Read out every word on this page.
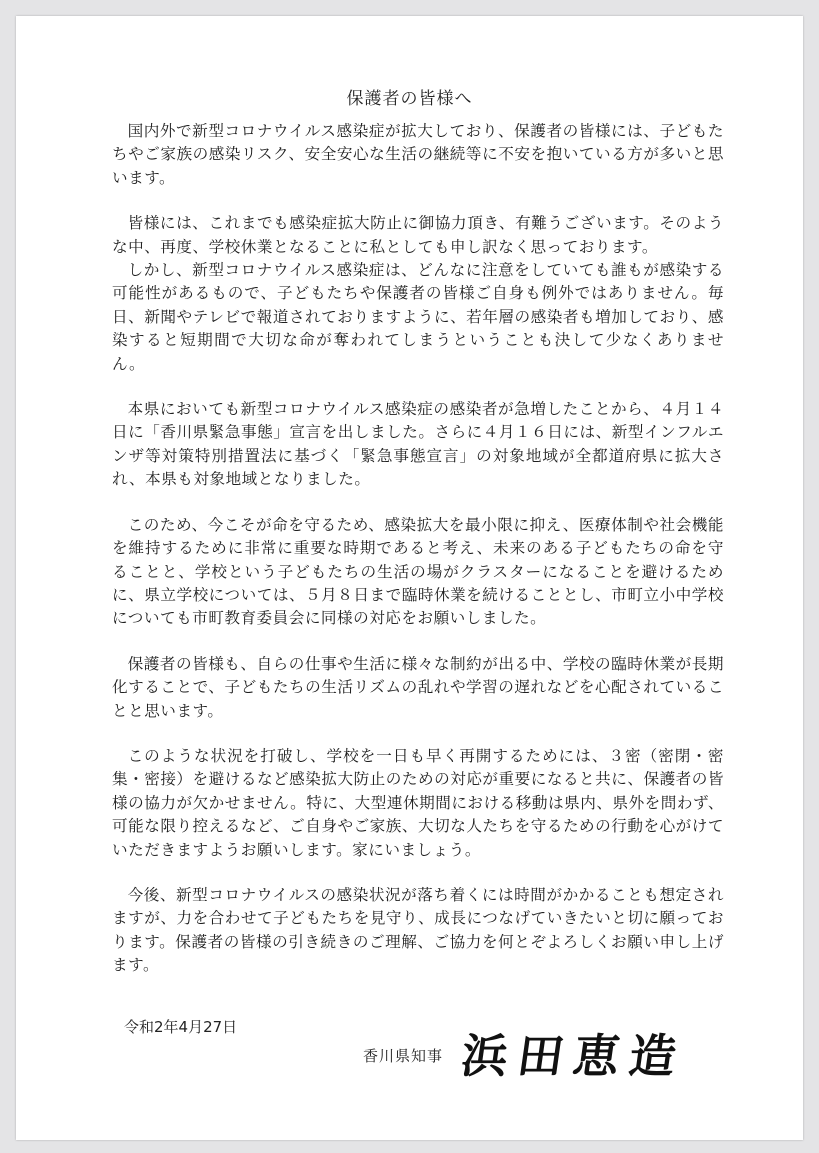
保護者の皆様へ

国内外で新型コロナウイルス感染症が拡大しており、保護者の皆様には、子どもたちやご家族の感染リスク、安全安心な生活の継続等に不安を抱いている方が多いと思います。

皆様には、これまでも感染症拡大防止に御協力頂き、有難うございます。そのような中、再度、学校休業となることに私としても申し訳なく思っております。

しかし、新型コロナウイルス感染症は、どんなに注意をしていても誰もが感染する可能性があるもので、子どもたちや保護者の皆様ご自身も例外ではありません。毎日、新聞やテレビで報道されておりますように、若年層の感染者も増加しており、感染すると短期間で大切な命が奪われてしまうということも決して少なくありません。

本県においても新型コロナウイルス感染症の感染者が急増したことから、４月１４日に「香川県緊急事態」宣言を出しました。さらに４月１６日には、新型インフルエンザ等対策特別措置法に基づく「緊急事態宣言」の対象地域が全都道府県に拡大され、本県も対象地域となりました。

このため、今こそが命を守るため、感染拡大を最小限に抑え、医療体制や社会機能を維持するために非常に重要な時期であると考え、未来のある子どもたちの命を守ることと、学校という子どもたちの生活の場がクラスターになることを避けるために、県立学校については、５月８日まで臨時休業を続けることとし、市町立小中学校についても市町教育委員会に同様の対応をお願いしました。

保護者の皆様も、自らの仕事や生活に様々な制約が出る中、学校の臨時休業が長期化することで、子どもたちの生活リズムの乱れや学習の遅れなどを心配されていることと思います。

このような状況を打破し、学校を一日も早く再開するためには、３密（密閉・密集・密接）を避けるなど感染拡大防止のための対応が重要になると共に、保護者の皆様の協力が欠かせません。特に、大型連休期間における移動は県内、県外を問わず、可能な限り控えるなど、ご自身やご家族、大切な人たちを守るための行動を心がけていただきますようお願いします。家にいましょう。

今後、新型コロナウイルスの感染状況が落ち着くには時間がかかることも想定されますが、力を合わせて子どもたちを見守り、成長につなげていきたいと切に願っております。保護者の皆様の引き続きのご理解、ご協力を何とぞよろしくお願い申し上げます。

令和2年4月27日
香川県知事 浜田恵造
